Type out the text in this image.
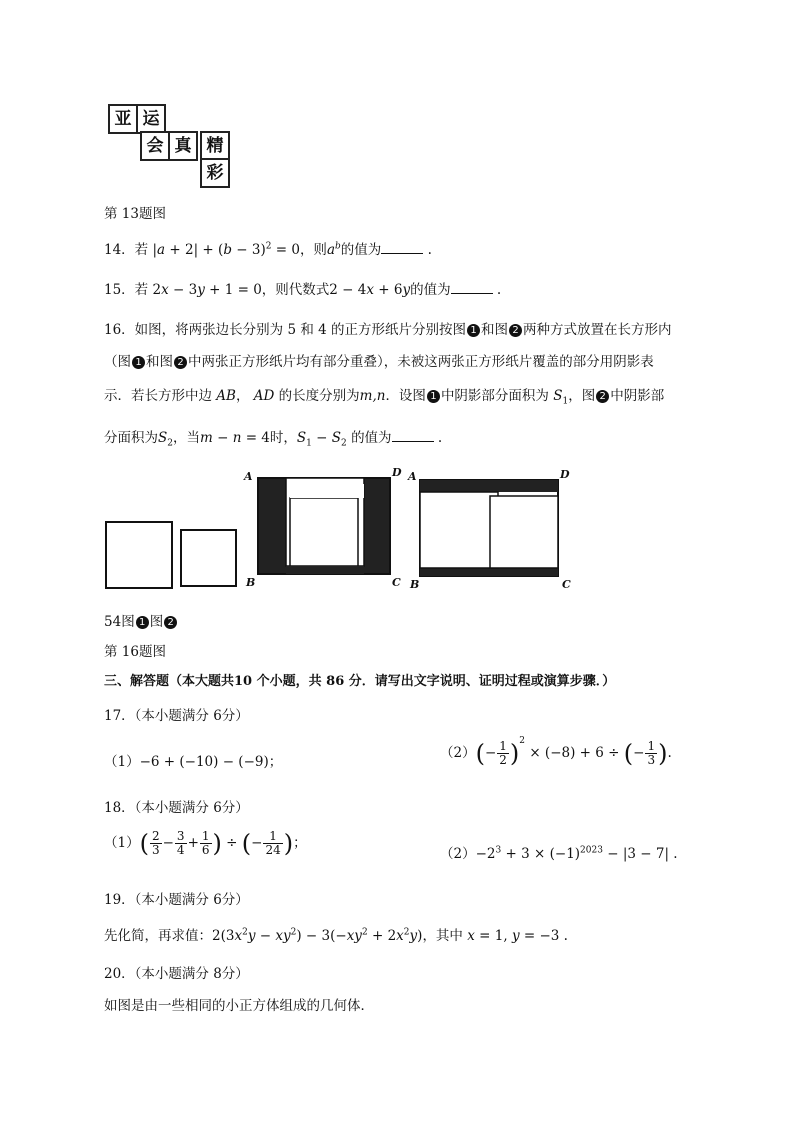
亚 运
会 真 精
彩
第 13题图
14．若 $|a + 2| + (b - 3)^2 = 0$，则$a^b$的值为	.
15．若 2x − 3y + 1 = 0，则代数式2 − 4x + 6y的值为	.
16．如图，将两张边长分别为 5 和 4 的正方形纸片分别按图 1 和图 2 两种方式放置在长方形内
（图 1 和图 2 中两张正方形纸片均有部分重叠），未被这两张正方形纸片覆盖的部分用阴影表
示．若长方形中边 AB， AD 的长度分别为m,n．设图 1 中阴影部分面积为 $S_1$，图 2 中阴影部
分面积为$S_2$，当m − n = 4时，$S_1 - S_2$ 的值为	.
A	D
B	C
A	D
B	C
54图 1 图 2
第 16题图
三、解答题（本大题共10 个小题，共 86 分．请写出文字说明、证明过程或演算步骤．）
17．（本小题满分 6分）
（1）−6 + (−10) − (−9)；
$(2)(- \frac{1}{2} )^2 \times (-8) + 6$ ÷ (− $\frac{1}{3}$ ).
18．（本小题满分 6分）
$(1)( \frac{2}{3} - \frac{3}{4} + \frac{1}{6}$ ) ÷ (− $\frac{1}{24}$ )；
$(2)-2^3 + 3 \times (-1)^{2023} - |3 - 7|$ .
19．（本小题满分 6分）
先化简，再求值：$2(3x^2y - xy^2) - 3(-xy^2 + 2x^2y)$，其中 x = 1, y = −3 .
20．（本小题满分 8分）
如图是由一些相同的小正方体组成的几何体．
